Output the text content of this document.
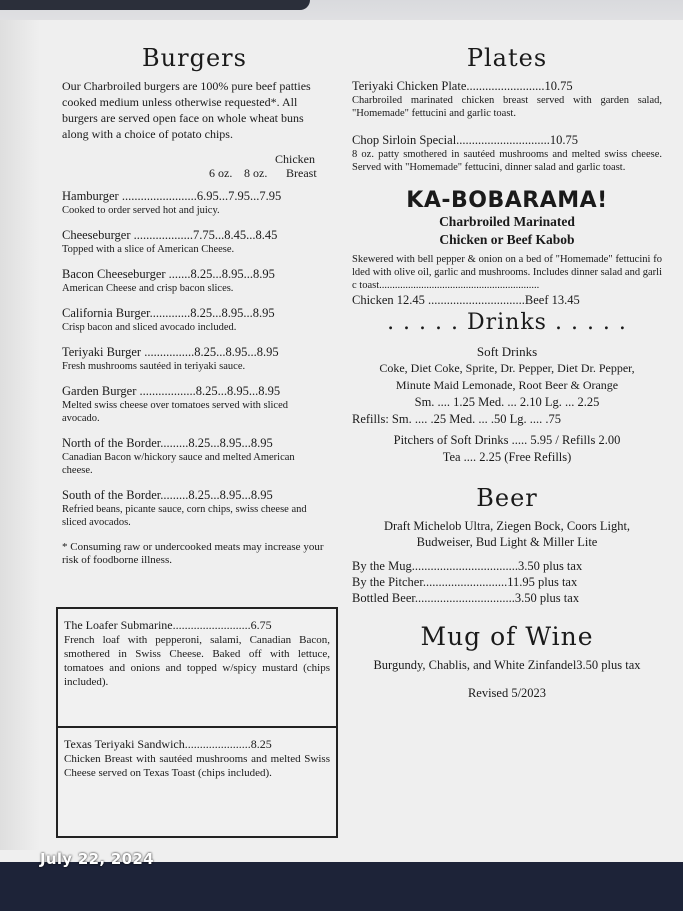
Burgers

Our Charbroiled burgers are 100% pure beef patties cooked medium unless otherwise requested*. All burgers are served open face on whole wheat buns along with a choice of potato chips.

Chicken
6 oz. 8 oz. Breast
Hamburger ........................6.95...7.95...7.95
Cooked to order served hot and juicy.
Cheeseburger ...................7.75...8.45...8.45
Topped with a slice of American Cheese.
Bacon Cheeseburger .......8.25...8.95...8.95
American Cheese and crisp bacon slices.
California Burger.............8.25...8.95...8.95
Crisp bacon and sliced avocado included.
Teriyaki Burger ................8.25...8.95...8.95
Fresh mushrooms sautéed in teriyaki sauce.
Garden Burger ..................8.25...8.95...8.95
Melted swiss cheese over tomatoes served with sliced avocado.
North of the Border.........8.25...8.95...8.95
Canadian Bacon w/hickory sauce and melted American cheese.
South of the Border.........8.25...8.95...8.95
Refried beans, picante sauce, corn chips, swiss cheese and sliced avocados.

* Consuming raw or undercooked meats may increase your risk of foodborne illness.

The Loafer Submarine..........................6.75
French loaf with pepperoni, salami, Canadian Bacon, smothered in Swiss Cheese. Baked off with lettuce, tomatoes and onions and topped w/spicy mustard (chips included).
Texas Teriyaki Sandwich......................8.25
Chicken Breast with sautéed mushrooms and melted Swiss Cheese served on Texas Toast (chips included).
Plates
Teriyaki Chicken Plate.........................10.75
Charbroiled marinated chicken breast served with garden salad, "Homemade" fettucini and garlic toast.
Chop Sirloin Special..............................10.75
8 oz. patty smothered in sautéed mushrooms and melted swiss cheese. Served with "Homemade" fettucini, dinner salad and garlic toast.
KA-BOBARAMA!
Charbroiled Marinated
Chicken or Beef Kabob
Skewered with bell pepper & onion on a bed of "Homemade" fettucini folded with olive oil, garlic and mushrooms. Includes dinner salad and garlic toast.............................................................
Chicken 12.45 ...............................Beef 13.45
. . . . . Drinks . . . . .
Soft Drinks
Coke, Diet Coke, Sprite, Dr. Pepper, Diet Dr. Pepper,
Minute Maid Lemonade, Root Beer & Orange
Sm. .... 1.25 Med. ... 2.10 Lg. ... 2.25
Refills: Sm. .... .25 Med. ... .50 Lg. .... .75
Pitchers of Soft Drinks ..... 5.95 / Refills 2.00
Tea .... 2.25 (Free Refills)
Beer
Draft Michelob Ultra, Ziegen Bock, Coors Light,
Budweiser, Bud Light & Miller Lite
By the Mug..................................3.50 plus tax
By the Pitcher...........................11.95 plus tax
Bottled Beer................................3.50 plus tax
Mug of Wine
Burgundy, Chablis, and White Zinfandel3.50 plus tax
Revised 5/2023
July 22, 2024
